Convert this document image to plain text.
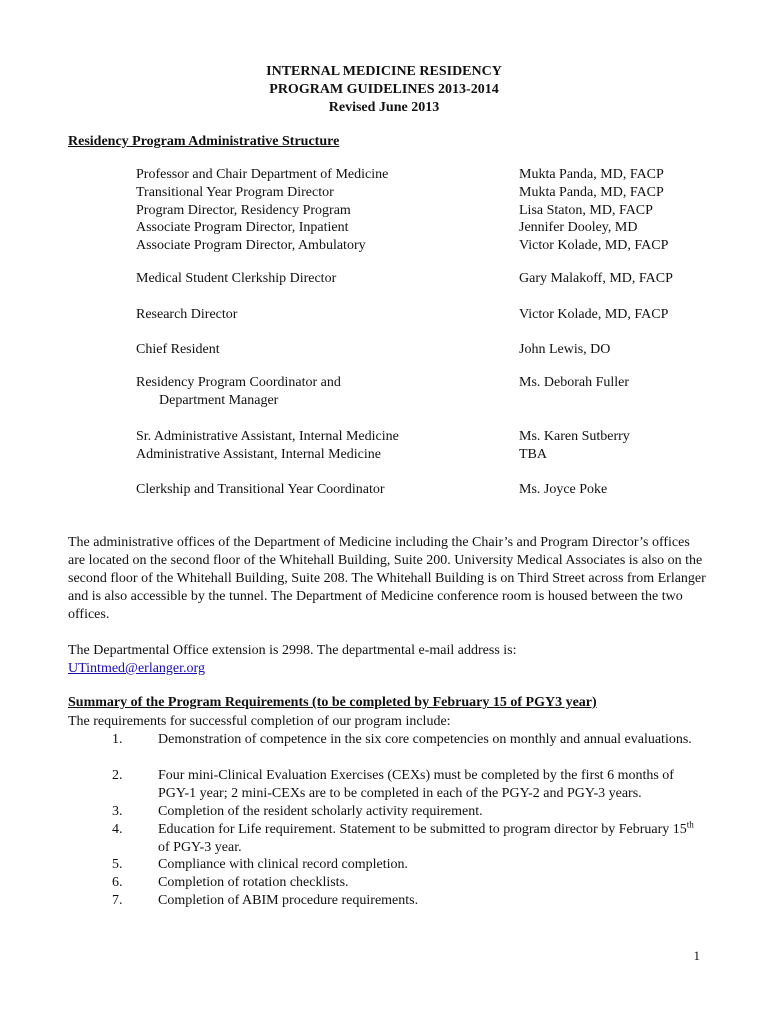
INTERNAL MEDICINE RESIDENCY
PROGRAM GUIDELINES 2013-2014
Revised June 2013
Residency Program Administrative Structure
Professor and Chair Department of Medicine	Mukta Panda, MD, FACP
Transitional Year Program Director	Mukta Panda, MD, FACP
Program Director, Residency Program	Lisa Staton, MD, FACP
Associate Program Director, Inpatient	Jennifer Dooley, MD
Associate Program Director, Ambulatory	Victor Kolade, MD, FACP
Medical Student Clerkship Director	Gary Malakoff, MD, FACP
Research Director	Victor Kolade, MD, FACP
Chief Resident	John Lewis, DO
Residency Program Coordinator and	Ms. Deborah Fuller
Department Manager
Sr. Administrative Assistant, Internal Medicine	Ms. Karen Sutberry
Administrative Assistant, Internal Medicine	TBA
Clerkship and Transitional Year Coordinator	Ms. Joyce Poke
The administrative offices of the Department of Medicine including the Chair’s and Program Director’s offices are located on the second floor of the Whitehall Building, Suite 200. University Medical Associates is also on the second floor of the Whitehall Building, Suite 208. The Whitehall Building is on Third Street across from Erlanger and is also accessible by the tunnel. The Department of Medicine conference room is housed between the two offices.
The Departmental Office extension is 2998. The departmental e-mail address is:
UTintmed@erlanger.org
Summary of the Program Requirements (to be completed by February 15 of PGY3 year)
The requirements for successful completion of our program include:
1.	Demonstration of competence in the six core competencies on monthly and annual evaluations.
2.	Four mini-Clinical Evaluation Exercises (CEXs) must be completed by the first 6 months of PGY-1 year; 2 mini-CEXs are to be completed in each of the PGY-2 and PGY-3 years.
3.	Completion of the resident scholarly activity requirement.
4.	Education for Life requirement. Statement to be submitted to program director by February 15th of PGY-3 year.
5.	Compliance with clinical record completion.
6.	Completion of rotation checklists.
7.	Completion of ABIM procedure requirements.
1
